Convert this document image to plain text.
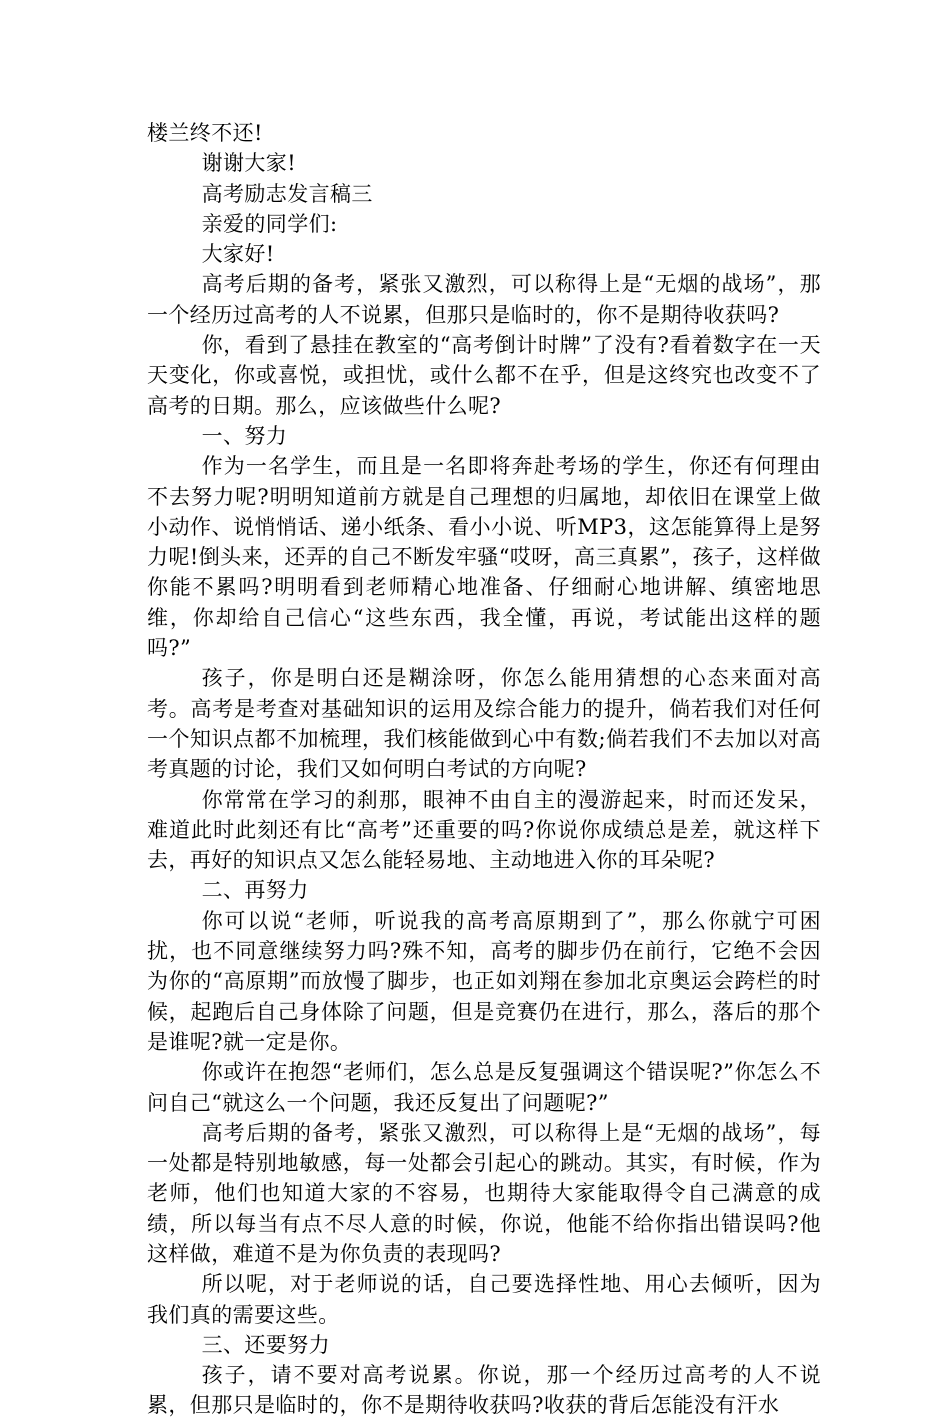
楼兰终不还!

谢谢大家!

高考励志发言稿三

亲爱的同学们:

大家好!

高考后期的备考，紧张又激烈，可以称得上是“无烟的战场”，那一个经历过高考的人不说累，但那只是临时的，你不是期待收获吗?

你，看到了悬挂在教室的“高考倒计时牌”了没有?看着数字在一天天变化，你或喜悦，或担忧，或什么都不在乎，但是这终究也改变不了高考的日期。那么，应该做些什么呢?

一、努力

作为一名学生，而且是一名即将奔赴考场的学生，你还有何理由不去努力呢?明明知道前方就是自己理想的归属地，却依旧在课堂上做小动作、说悄悄话、递小纸条、看小小说、听MP3，这怎能算得上是努力呢!倒头来，还弄的自己不断发牢骚“哎呀，高三真累”，孩子，这样做你能不累吗?明明看到老师精心地准备、仔细耐心地讲解、缜密地思维，你却给自己信心“这些东西，我全懂，再说，考试能出这样的题吗?”

孩子，你是明白还是糊涂呀，你怎么能用猜想的心态来面对高考。高考是考查对基础知识的运用及综合能力的提升，倘若我们对任何一个知识点都不加梳理，我们核能做到心中有数;倘若我们不去加以对高考真题的讨论，我们又如何明白考试的方向呢?

你常常在学习的刹那，眼神不由自主的漫游起来，时而还发呆，难道此时此刻还有比“高考”还重要的吗?你说你成绩总是差，就这样下去，再好的知识点又怎么能轻易地、主动地进入你的耳朵呢?

二、再努力

你可以说“老师，听说我的高考高原期到了”，那么你就宁可困扰，也不同意继续努力吗?殊不知，高考的脚步仍在前行，它绝不会因为你的“高原期”而放慢了脚步，也正如刘翔在参加北京奥运会跨栏的时候，起跑后自己身体除了问题，但是竞赛仍在进行，那么，落后的那个是谁呢?就一定是你。

你或许在抱怨“老师们，怎么总是反复强调这个错误呢?”你怎么不问自己“就这么一个问题，我还反复出了问题呢?”

高考后期的备考，紧张又激烈，可以称得上是“无烟的战场”，每一处都是特别地敏感，每一处都会引起心的跳动。其实，有时候，作为老师，他们也知道大家的不容易，也期待大家能取得令自己满意的成绩，所以每当有点不尽人意的时候，你说，他能不给你指出错误吗?他这样做，难道不是为你负责的表现吗?

所以呢，对于老师说的话，自己要选择性地、用心去倾听，因为我们真的需要这些。

三、还要努力

孩子，请不要对高考说累。你说，那一个经历过高考的人不说累，但那只是临时的，你不是期待收获吗?收获的背后怎能没有汗水
